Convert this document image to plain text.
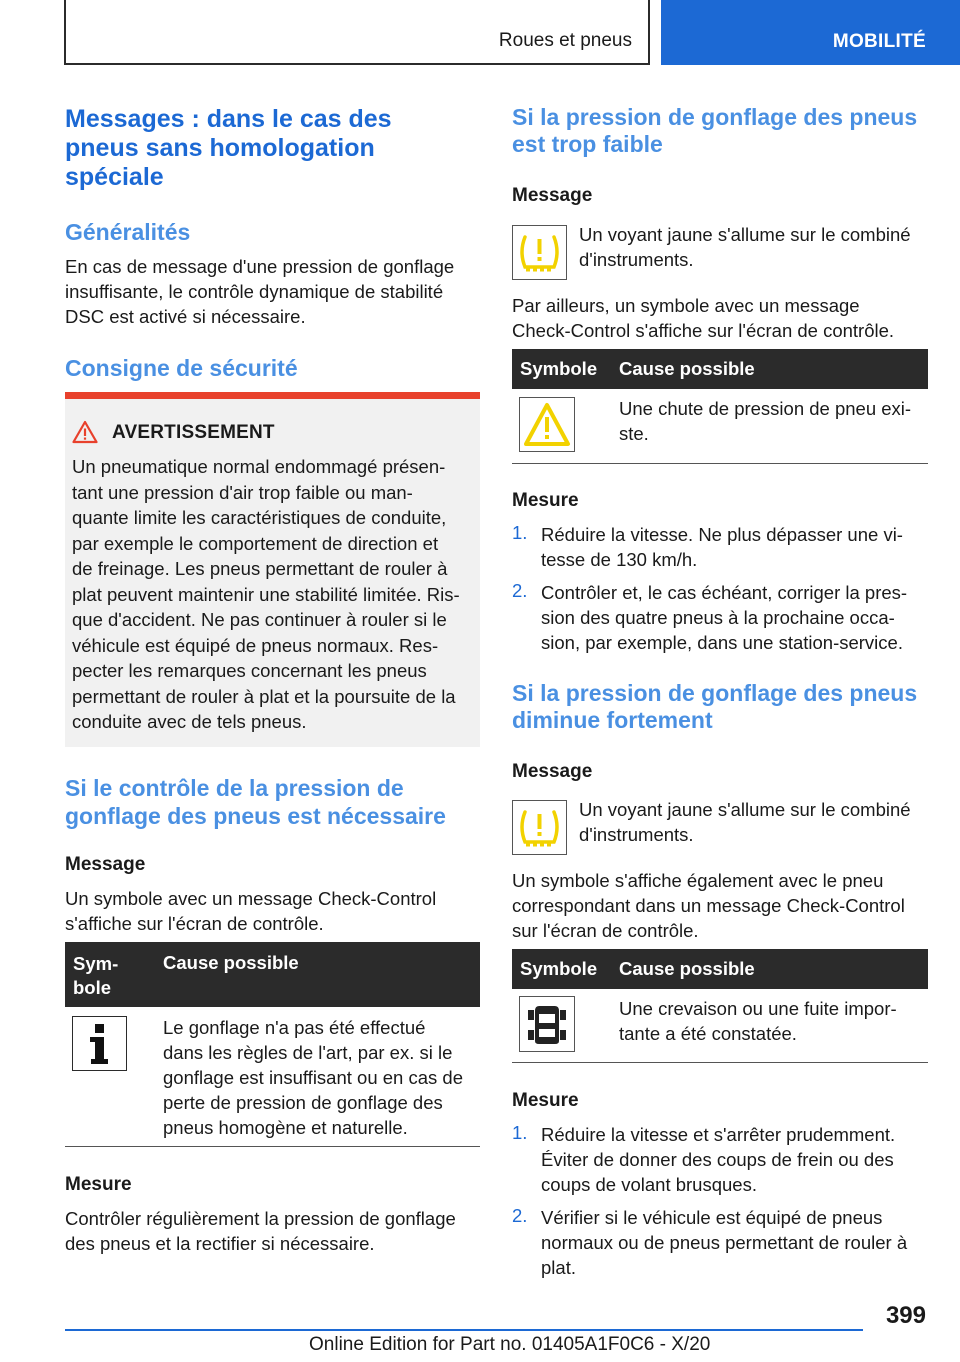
Roues et pneus	MOBILITÉ
Messages : dans le cas des
pneus sans homologation
spéciale
Généralités
En cas de message d'une pression de gonflage
insuffisante, le contrôle dynamique de stabilité
DSC est activé si nécessaire.
Consigne de sécurité
AVERTISSEMENT
Un pneumatique normal endommagé présen-
tant une pression d'air trop faible ou man-
quante limite les caractéristiques de conduite,
par exemple le comportement de direction et
de freinage. Les pneus permettant de rouler à
plat peuvent maintenir une stabilité limitée. Ris-
que d'accident. Ne pas continuer à rouler si le
véhicule est équipé de pneus normaux. Res-
pecter les remarques concernant les pneus
permettant de rouler à plat et la poursuite de la
conduite avec de tels pneus.
Si le contrôle de la pression de
gonflage des pneus est nécessaire
Message
Un symbole avec un message Check-Control
s'affiche sur l'écran de contrôle.
Sym-
bole
Cause possible
Le gonflage n'a pas été effectué
dans les règles de l'art, par ex. si le
gonflage est insuffisant ou en cas de
perte de pression de gonflage des
pneus homogène et naturelle.
Mesure
Contrôler régulièrement la pression de gonflage
des pneus et la rectifier si nécessaire.
Si la pression de gonflage des pneus
est trop faible
Message
Un voyant jaune s'allume sur le combiné
d'instruments.
Par ailleurs, un symbole avec un message
Check-Control s'affiche sur l'écran de contrôle.
Symbole Cause possible
Une chute de pression de pneu exi-
ste.
Mesure
1. Réduire la vitesse. Ne plus dépasser une vi-
tesse de 130 km/h.
2. Contrôler et, le cas échéant, corriger la pres-
sion des quatre pneus à la prochaine occa-
sion, par exemple, dans une station-service.
Si la pression de gonflage des pneus
diminue fortement
Message
Un voyant jaune s'allume sur le combiné
d'instruments.
Un symbole s'affiche également avec le pneu
correspondant dans un message Check-Control
sur l'écran de contrôle.
Symbole Cause possible
Une crevaison ou une fuite impor-
tante a été constatée.
Mesure
1. Réduire la vitesse et s'arrêter prudemment.
Éviter de donner des coups de frein ou des
coups de volant brusques.
2. Vérifier si le véhicule est équipé de pneus
normaux ou de pneus permettant de rouler à
plat.
399
Online Edition for Part no. 01405A1F0C6 - X/20
